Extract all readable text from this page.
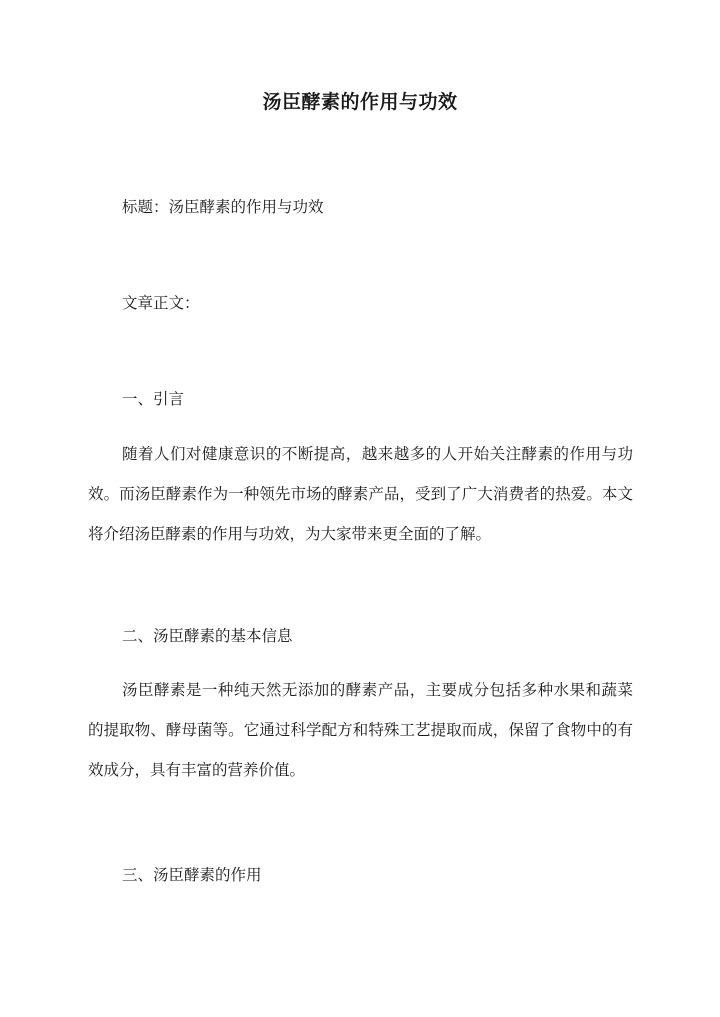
汤臣酵素的作用与功效
标题：汤臣酵素的作用与功效
文章正文：
一、引言
随着人们对健康意识的不断提高，越来越多的人开始关注酵素的作用与功效。而汤臣酵素作为一种领先市场的酵素产品，受到了广大消费者的热爱。本文将介绍汤臣酵素的作用与功效，为大家带来更全面的了解。
二、汤臣酵素的基本信息
汤臣酵素是一种纯天然无添加的酵素产品，主要成分包括多种水果和蔬菜的提取物、酵母菌等。它通过科学配方和特殊工艺提取而成，保留了食物中的有效成分，具有丰富的营养价值。
三、汤臣酵素的作用
